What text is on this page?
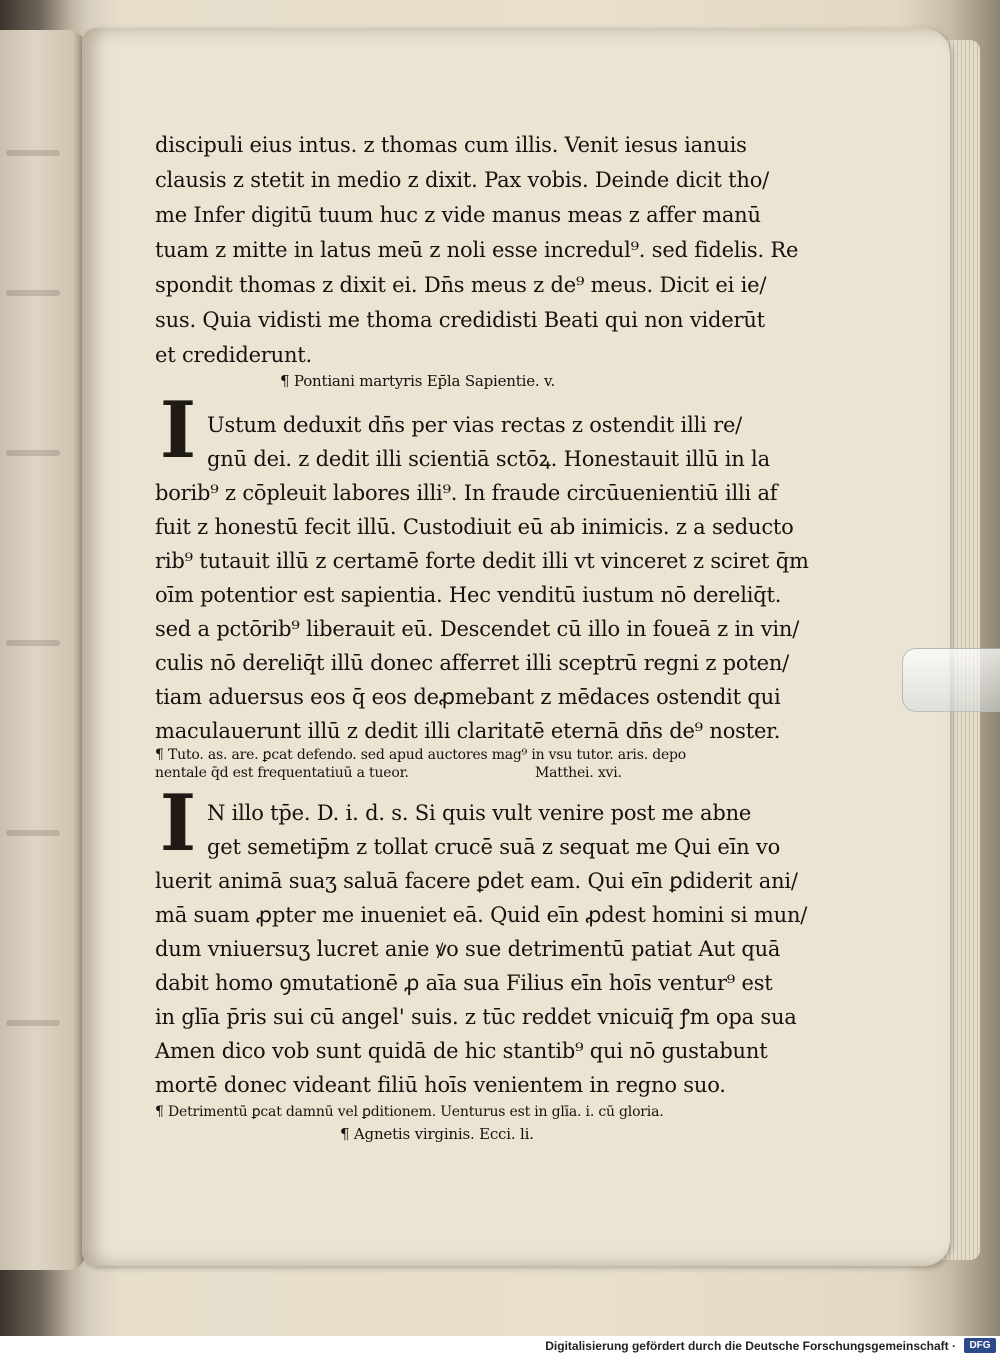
discipuli eius intus. z thomas cum illis. Venit iesus ianuis
clausis z stetit in medio z dixit. Pax vobis. Deinde dicit tho/
me Infer digitū tuum huc z vide manus meas z affer manū
tuam z mitte in latus meū z noli esse incredul⁹. sed fidelis. Re
spondit thomas z dixit ei. Dn̄s meus z de⁹ meus. Dicit ei ie/
sus. Quia vidisti me thoma credidisti Beati qui non viderūt
et crediderunt.
¶ Pontiani martyris Ep̄la Sapientie. v.
I Ustum deduxit dn̄s per vias rectas z ostendit illi re/
gnū dei. z dedit illi scientiā sctōꝝ. Honestauit illū in la
borib⁹ z cōpleuit labores illi⁹. In fraude circūuenientiū illi af
fuit z honestū fecit illū. Custodiuit eū ab inimicis. z a seducto
rib⁹ tutauit illū z certamē forte dedit illi vt vinceret z sciret q̄m
oīm potentior est sapientia. Hec venditū iustum nō dereliq̄t.
sed a pctōrib⁹ liberauit eū. Descendet cū illo in foueā z in vin/
culis nō dereliq̄t illū donec afferret illi sceptrū regni z poten/
tiam aduersus eos q̄ eos deꝓmebant z mēdaces ostendit qui
maculauerunt illū z dedit illi claritatē eternā dn̄s de⁹ noster.
¶ Tuto. as. are. ꝑcat defendo. sed apud auctores mag⁹ in vsu tutor. aris. depo
nentale q̄d est frequentatiuū a tueor.	Matthei. xvi.
I N illo tp̄e. D. i. d. s. Si quis vult venire post me abne
get semetip̄m z tollat crucē suā z sequat me Qui eīn vo
luerit animā suaʒ saluā facere ꝑdet eam. Qui eīn ꝑdiderit ani/
mā suam ꝓpter me inueniet eā. Quid eīn ꝓdest homini si mun/
dum vniuersuʒ lucret anie ꝟo sue detrimentū patiat Aut quā
dabit homo ꝯmutationē ꝓ aīa sua Filius eīn hoīs ventur⁹ est
in glīa p̄ris sui cū angel' suis. z tūc reddet vnicuiq̄ ꝭm opa sua
Amen dico vob sunt quidā de hic stantib⁹ qui nō gustabunt
mortē donec videant filiū hoīs venientem in regno suo.
¶ Detrimentū ꝑcat damnū vel ꝑditionem. Uenturus est in glīa. i. cū gloria.
¶ Agnetis virginis. Ecci. li.
Digitalisierung gefördert durch die Deutsche Forschungsgemeinschaft ·	DFG
